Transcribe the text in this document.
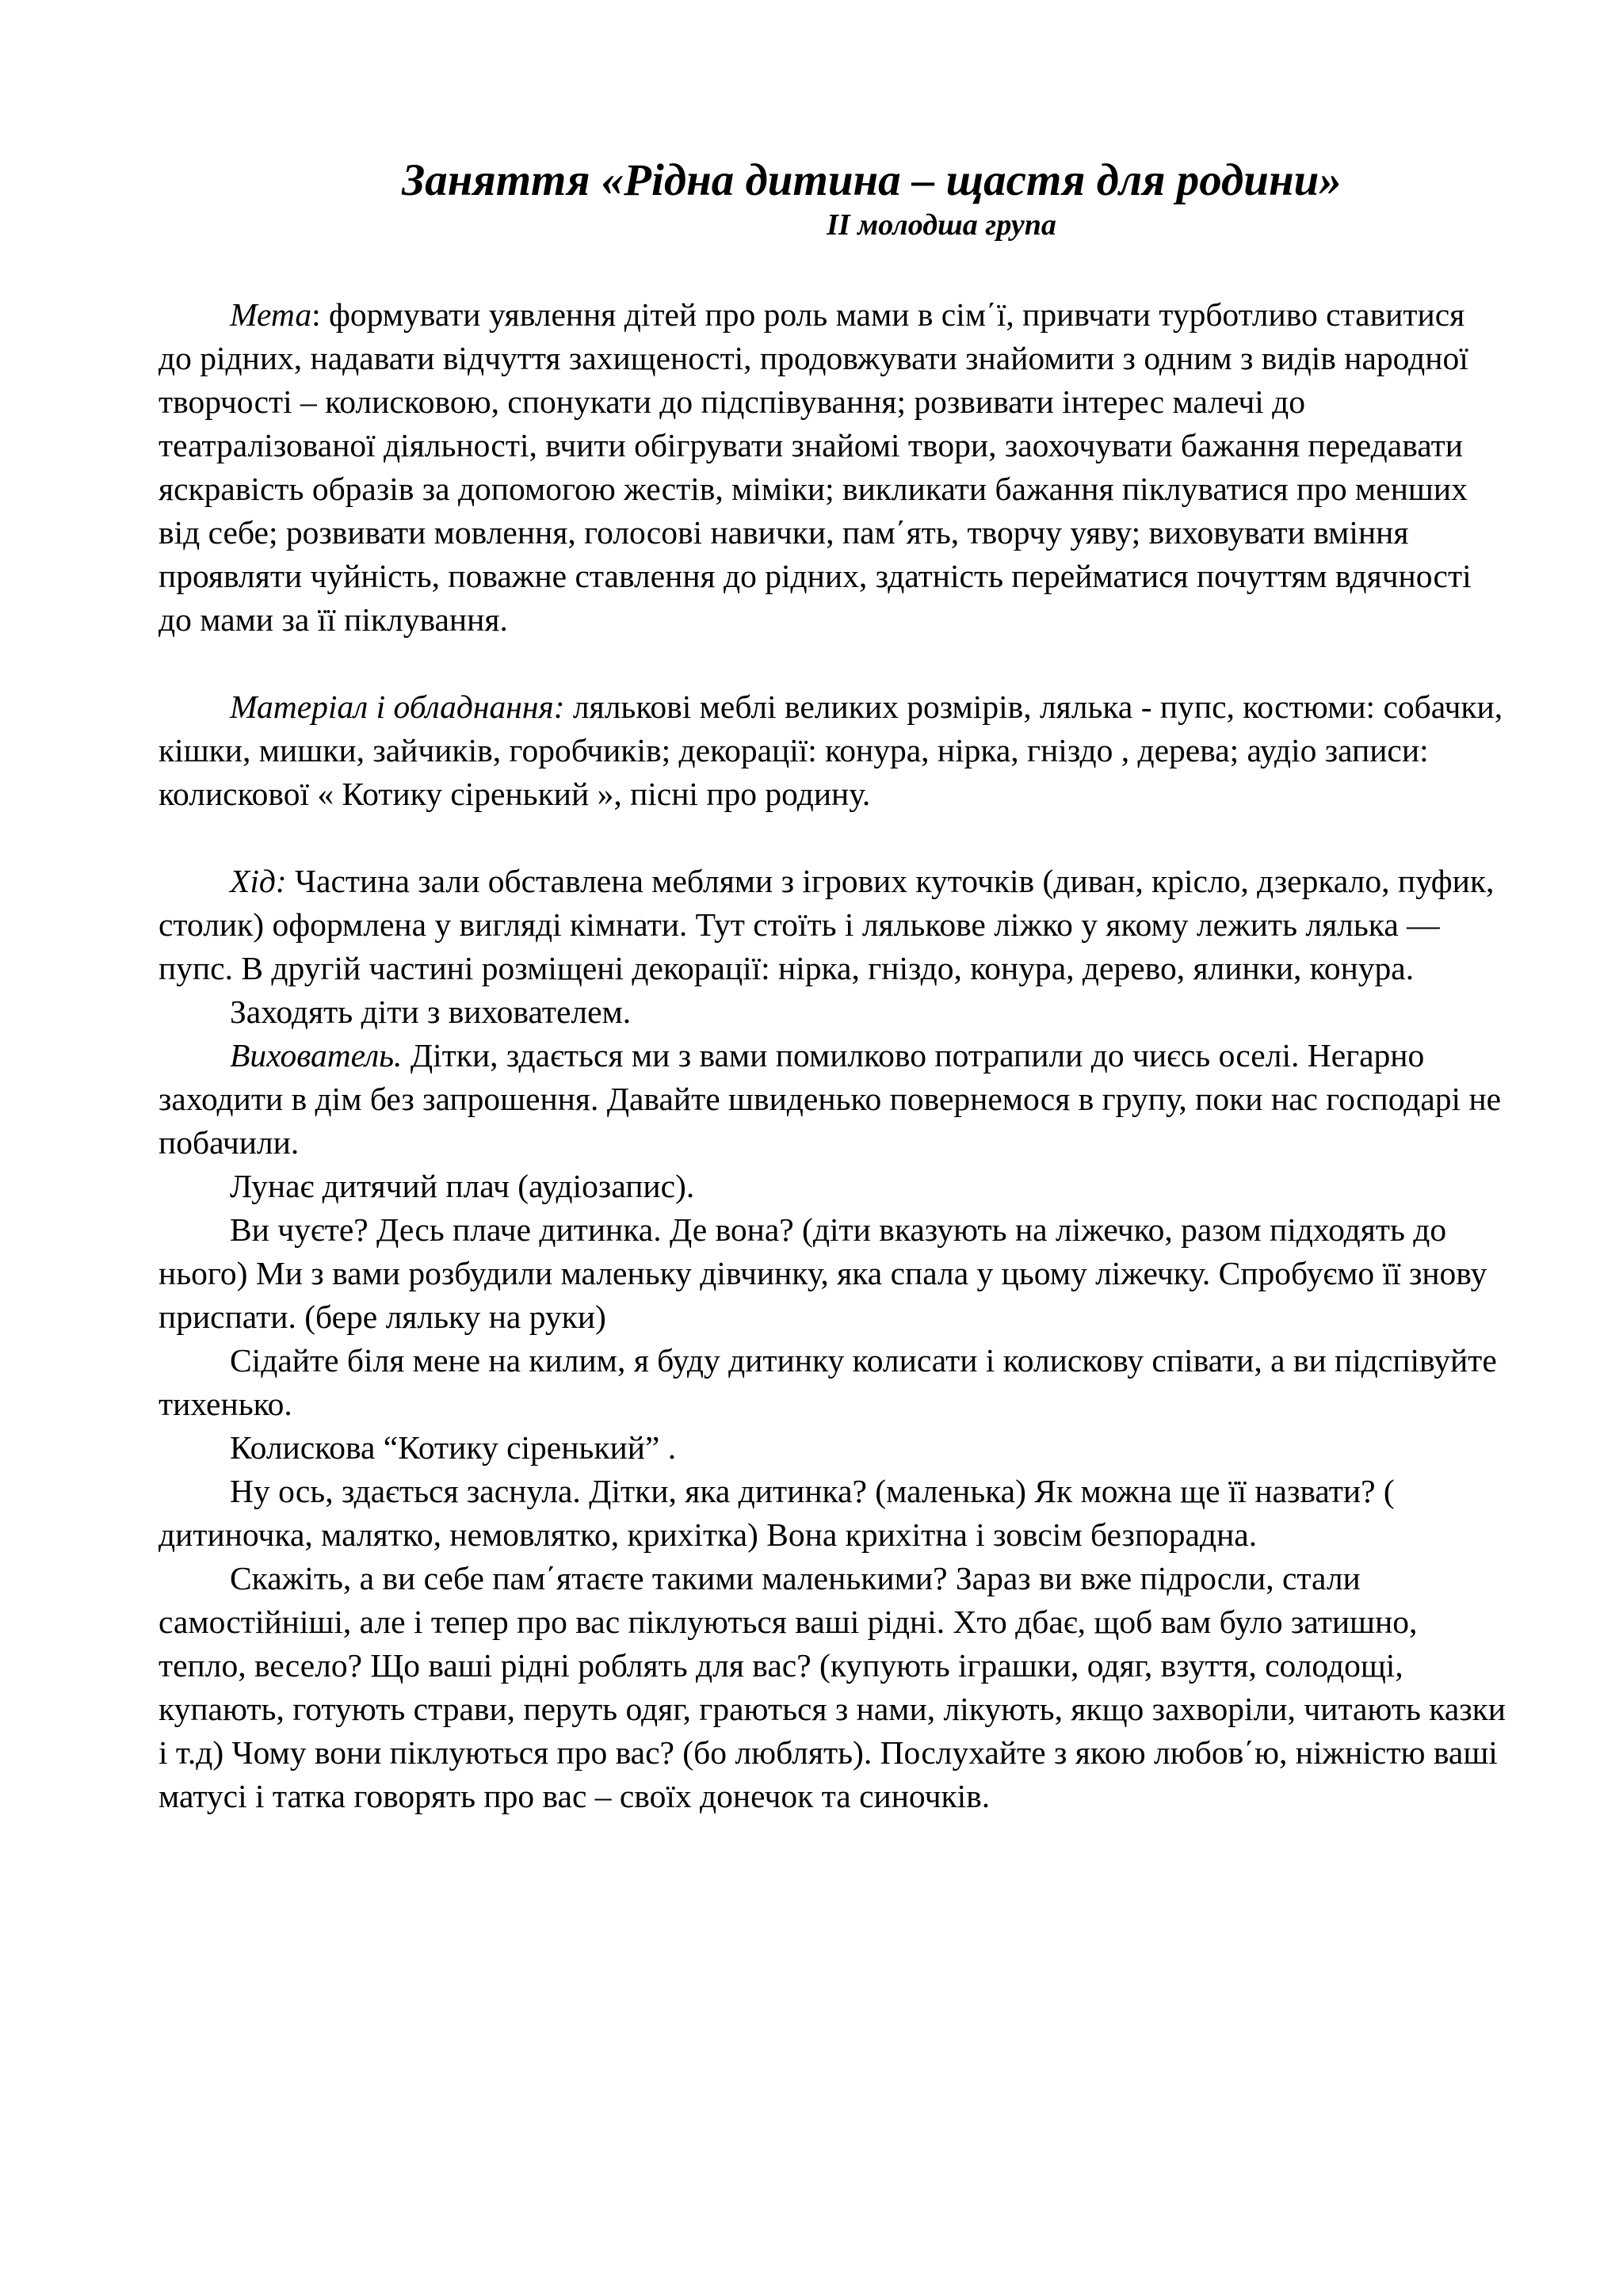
Заняття «Рідна дитина – щастя для родини»
ІІ молодша група

Мета: формувати уявлення дітей про роль мами в сім΄ї, привчати турботливо ставитися до рідних, надавати відчуття захищеності, продовжувати знайомити з одним з видів народної творчості – колисковою, спонукати до підспівування; розвивати інтерес малечі до театралізованої діяльності, вчити обігрувати знайомі твори, заохочувати бажання передавати яскравість образів за допомогою жестів, міміки; викликати бажання піклуватися про менших від себе; розвивати мовлення, голосові навички, пам΄ять, творчу уяву; виховувати вміння проявляти чуйність, поважне ставлення до рідних, здатність перейматися почуттям вдячності до мами за її піклування.

Матеріал і обладнання: лялькові меблі великих розмірів, лялька - пупс, костюми: собачки, кішки, мишки, зайчиків, горобчиків; декорації: конура, нірка, гніздо , дерева; аудіо записи: колискової « Котику сіренький », пісні про родину.

Хід: Частина зали обставлена меблями з ігрових куточків (диван, крісло, дзеркало, пуфик, столик) оформлена у вигляді кімнати. Тут стоїть і лялькове ліжко у якому лежить лялька — пупс. В другій частині розміщені декорації: нірка, гніздо, конура, дерево, ялинки, конура.

Заходять діти з вихователем.

Вихователь. Дітки, здається ми з вами помилково потрапили до чиєсь оселі. Негарно заходити в дім без запрошення. Давайте швиденько повернемося в групу, поки нас господарі не побачили.

Лунає дитячий плач (аудіозапис).

Ви чуєте? Десь плаче дитинка. Де вона? (діти вказують на ліжечко, разом підходять до нього) Ми з вами розбудили маленьку дівчинку, яка спала у цьому ліжечку. Спробуємо її знову приспати. (бере ляльку на руки)

Сідайте біля мене на килим, я буду дитинку колисати і колискову співати, а ви підспівуйте тихенько.

Колискова “Котику сіренький” .

Ну ось, здається заснула. Дітки, яка дитинка? (маленька) Як можна ще її назвати? ( дитиночка, малятко, немовлятко, крихітка) Вона крихітна і зовсім безпорадна.

Скажіть, а ви себе пам΄ятаєте такими маленькими? Зараз ви вже підросли, стали самостійніші, але і тепер про вас піклуються ваші рідні. Хто дбає, щоб вам було затишно, тепло, весело? Що ваші рідні роблять для вас? (купують іграшки, одяг, взуття, солодощі, купають, готують страви, перуть одяг, граються з нами, лікують, якщо захворіли, читають казки і т.д) Чому вони піклуються про вас? (бо люблять). Послухайте з якою любов΄ю, ніжністю ваші матусі і татка говорять про вас – своїх донечок та синочків.
